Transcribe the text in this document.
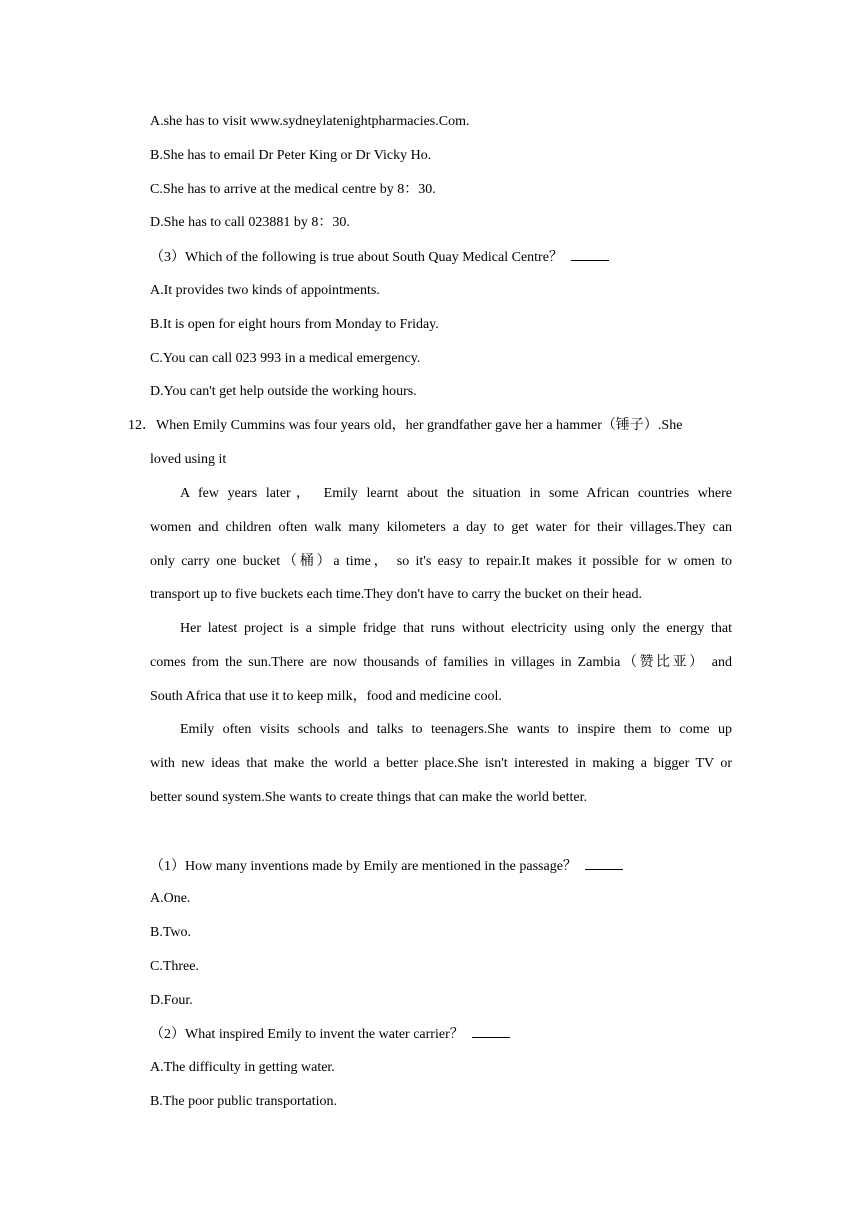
A.she has to visit www.sydneylatenightpharmacies.Com.
B.She has to email Dr Peter King or Dr Vicky Ho.
C.She has to arrive at the medical centre by 8：30.
D.She has to call 023881 by 8：30.
（3）Which of the following is true about South Quay Medical Centre？
A.It provides two kinds of appointments.
B.It is open for eight hours from Monday to Friday.
C.You can call 023 993 in a medical emergency.
D.You can't get help outside the working hours.
12．When Emily Cummins was four years old，her grandfather gave her a hammer（锤子）.She
loved using it
A few years later， Emily learnt about the situation in some African countries where
women and children often walk many kilometers a day to get water for their villages.They can
only carry one bucket（桶）a time， so it's easy to repair.It makes it possible for w omen to
transport up to five buckets each time.They don't have to carry the bucket on their head.
Her latest project is a simple fridge that runs without electricity using only the energy that
comes from the sun.There are now thousands of families in villages in Zambia（赞比亚） and
South Africa that use it to keep milk，food and medicine cool.
Emily often visits schools and talks to teenagers.She wants to inspire them to come up
with new ideas that make the world a better place.She isn't interested in making a bigger TV or
better sound system.She wants to create things that can make the world better.
（1）How many inventions made by Emily are mentioned in the passage？
A.One.
B.Two.
C.Three.
D.Four.
（2）What inspired Emily to invent the water carrier？
A.The difficulty in getting water.
B.The poor public transportation.
